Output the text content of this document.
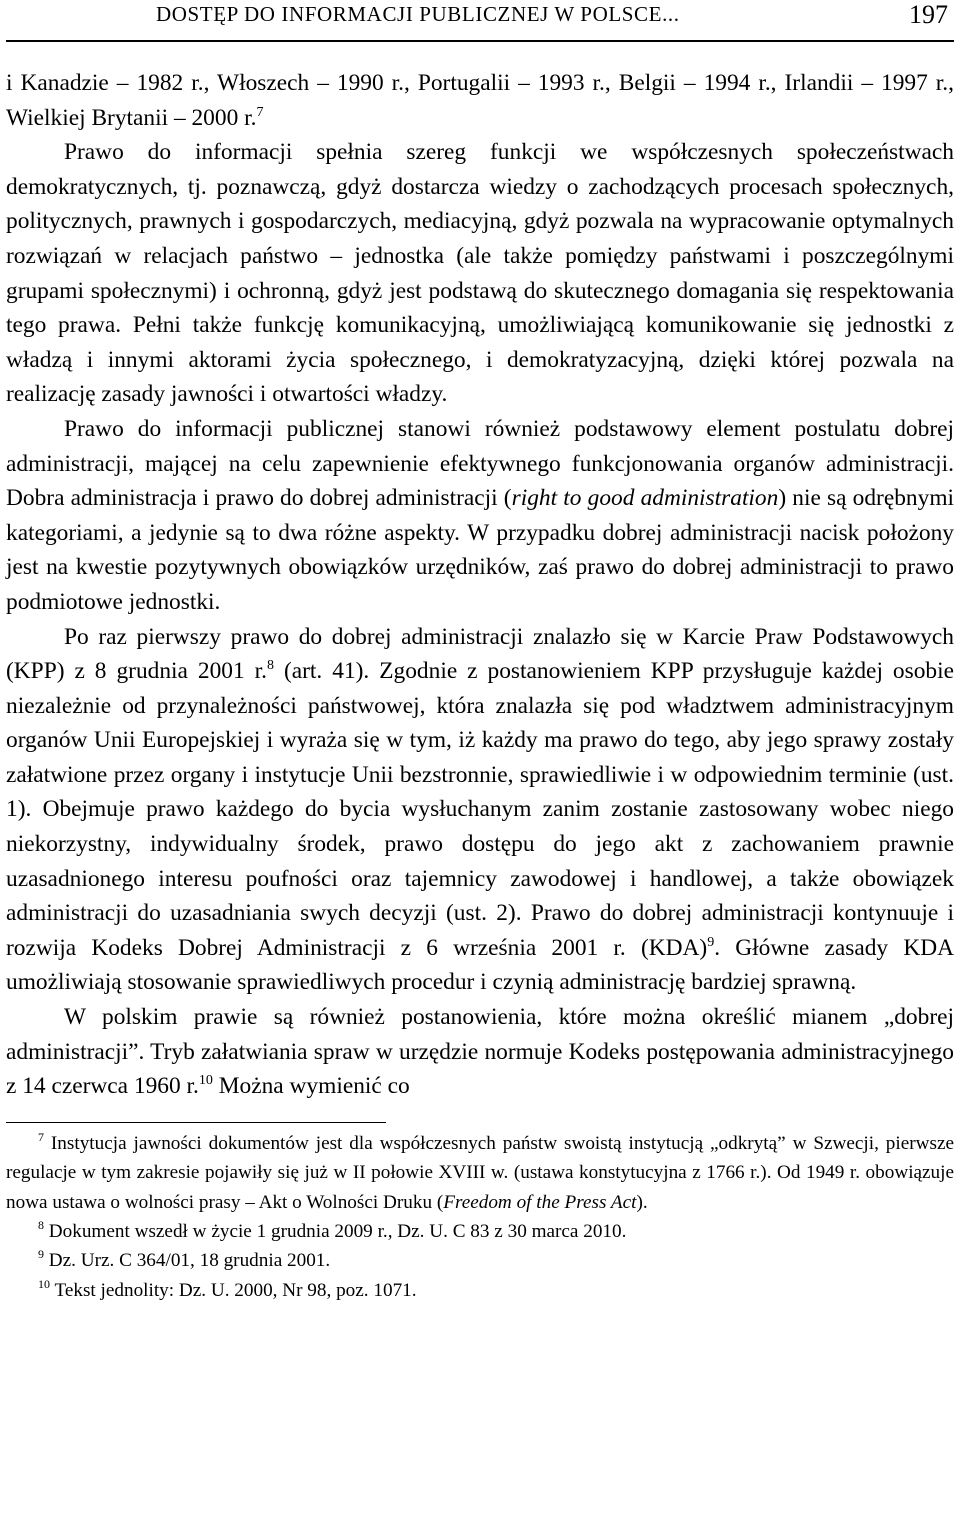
DOSTĘP DO INFORMACJI PUBLICZNEJ W POLSCE...	197

i Kanadzie – 1982 r., Włoszech – 1990 r., Portugalii – 1993 r., Belgii – 1994 r., Irlandii – 1997 r., Wielkiej Brytanii – 2000 r.$^7$

Prawo do informacji spełnia szereg funkcji we współczesnych społeczeństwach demokratycznych, tj. poznawczą, gdyż dostarcza wiedzy o zachodzących procesach społecznych, politycznych, prawnych i gospodarczych, mediacyjną, gdyż pozwala na wypracowanie optymalnych rozwiązań w relacjach państwo – jednostka (ale także pomiędzy państwami i poszczególnymi grupami społecznymi) i ochronną, gdyż jest podstawą do skutecznego domagania się respektowania tego prawa. Pełni także funkcję komunikacyjną, umożliwiającą komunikowanie się jednostki z władzą i innymi aktorami życia społecznego, i demokratyzacyjną, dzięki której pozwala na realizację zasady jawności i otwartości władzy.

Prawo do informacji publicznej stanowi również podstawowy element postulatu dobrej administracji, mającej na celu zapewnienie efektywnego funkcjonowania organów administracji. Dobra administracja i prawo do dobrej administracji (right to good administration) nie są odrębnymi kategoriami, a jedynie są to dwa różne aspekty. W przypadku dobrej administracji nacisk położony jest na kwestie pozytywnych obowiązków urzędników, zaś prawo do dobrej administracji to prawo podmiotowe jednostki.

Po raz pierwszy prawo do dobrej administracji znalazło się w Karcie Praw Podstawowych (KPP) z 8 grudnia 2001 r.$^8$ (art. 41). Zgodnie z postanowieniem KPP przysługuje każdej osobie niezależnie od przynależności państwowej, która znalazła się pod władztwem administracyjnym organów Unii Europejskiej i wyraża się w tym, iż każdy ma prawo do tego, aby jego sprawy zostały załatwione przez organy i instytucje Unii bezstronnie, sprawiedliwie i w odpowiednim terminie (ust. 1). Obejmuje prawo każdego do bycia wysłuchanym zanim zostanie zastosowany wobec niego niekorzystny, indywidualny środek, prawo dostępu do jego akt z zachowaniem prawnie uzasadnionego interesu poufności oraz tajemnicy zawodowej i handlowej, a także obowiązek administracji do uzasadniania swych decyzji (ust. 2). Prawo do dobrej administracji kontynuuje i rozwija Kodeks Dobrej Administracji z 6 września 2001 r. (KDA)$^9$. Główne zasady KDA umożliwiają stosowanie sprawiedliwych procedur i czynią administrację bardziej sprawną.

W polskim prawie są również postanowienia, które można określić mianem „dobrej administracji”. Tryb załatwiania spraw w urzędzie normuje Kodeks postępowania administracyjnego z 14 czerwca 1960 r.$^{10}$ Można wymienić co

$^7$ Instytucja jawności dokumentów jest dla współczesnych państw swoistą instytucją „odkrytą” w Szwecji, pierwsze regulacje w tym zakresie pojawiły się już w II połowie XVIII w. (ustawa konstytucyjna z 1766 r.). Od 1949 r. obowiązuje nowa ustawa o wolności prasy – Akt o Wolności Druku (Freedom of the Press Act).

$^8$ Dokument wszedł w życie 1 grudnia 2009 r., Dz. U. C 83 z 30 marca 2010.

$^9$ Dz. Urz. C 364/01, 18 grudnia 2001.

$^{10}$ Tekst jednolity: Dz. U. 2000, Nr 98, poz. 1071.
